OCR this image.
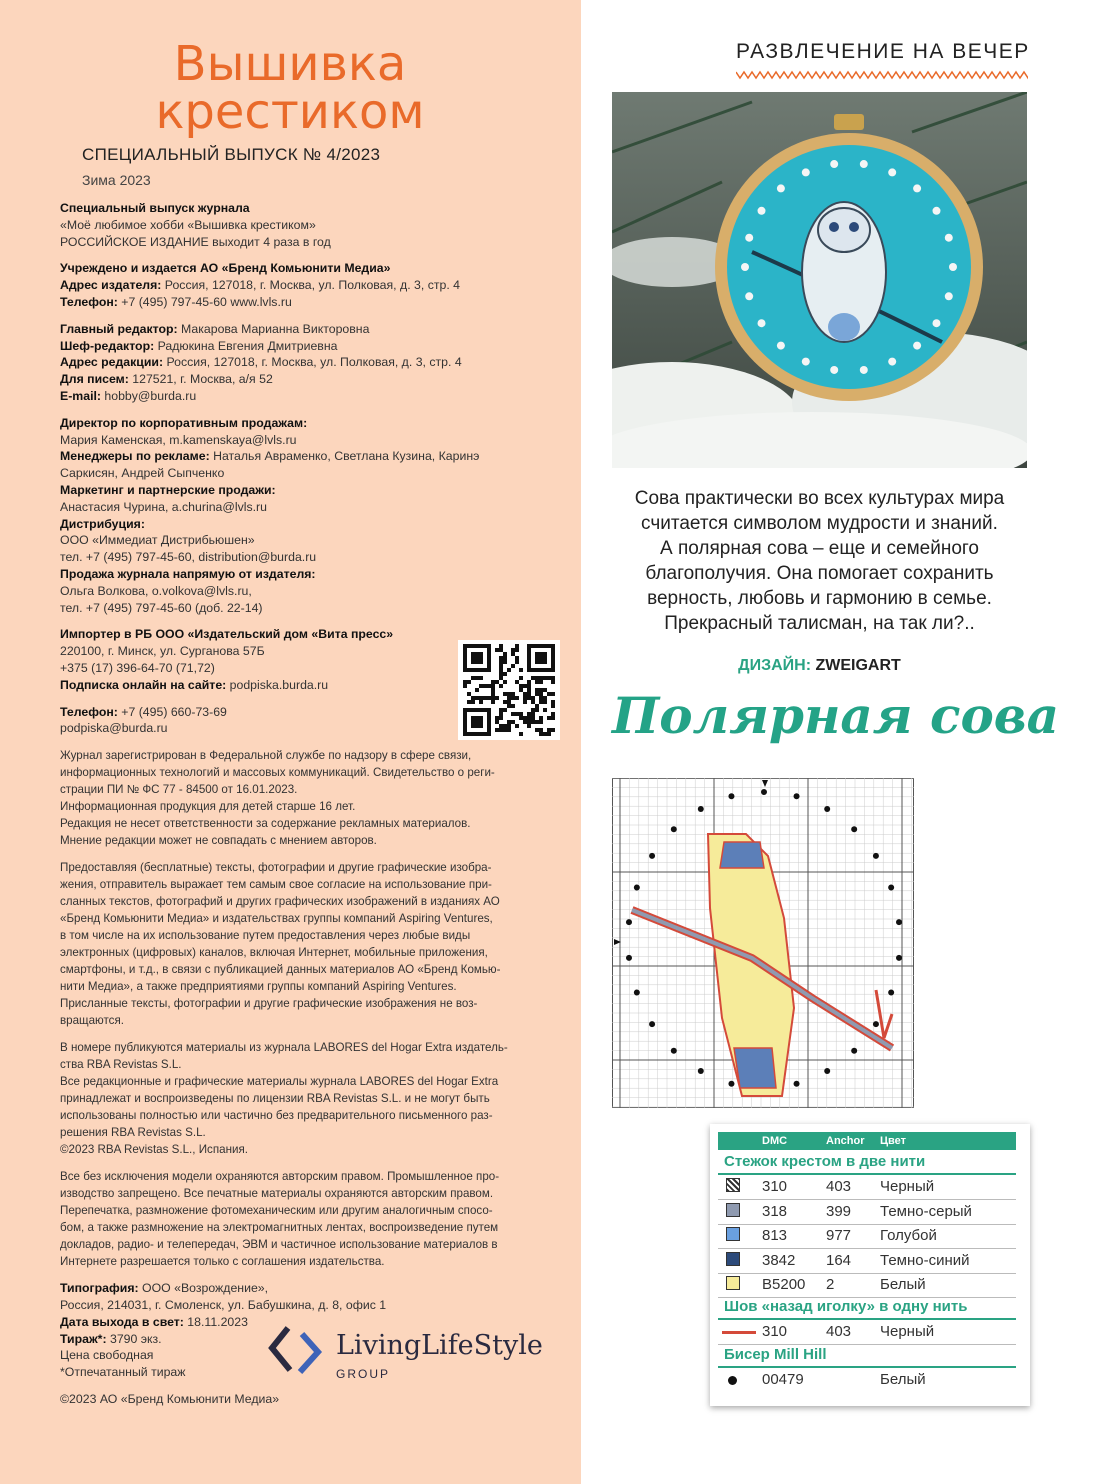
Вышивка
крестиком
СПЕЦИАЛЬНЫЙ ВЫПУСК № 4/2023
Зима 2023

Специальный выпуск журнала
«Моё любимое хобби «Вышивка крестиком»
РОССИЙСКОЕ ИЗДАНИЕ выходит 4 раза в год

Учреждено и издается АО «Бренд Комьюнити Медиа»
Адрес издателя: Россия, 127018, г. Москва, ул. Полковая, д. 3, стр. 4
Телефон: +7 (495) 797-45-60 www.lvls.ru

Главный редактор: Макарова Марианна Викторовна
Шеф-редактор: Радюкина Евгения Дмитриевна
Адрес редакции: Россия, 127018, г. Москва, ул. Полковая, д. 3, стр. 4
Для писем: 127521, г. Москва, а/я 52
E-mail: hobby@burda.ru

Директор по корпоративным продажам:
Мария Каменская, m.kamenskaya@lvls.ru
Менеджеры по рекламе: Наталья Авраменко, Светлана Кузина, Каринэ
Саркисян, Андрей Сыпченко
Маркетинг и партнерские продажи:
Анастасия Чурина, a.churina@lvls.ru
Дистрибуция:
ООО «Иммедиат Дистрибьюшен»
тел. +7 (495) 797-45-60, distribution@burda.ru
Продажа журнала напрямую от издателя:
Ольга Волкова, o.volkova@lvls.ru,
тел. +7 (495) 797-45-60 (доб. 22-14)

Импортер в РБ ООО «Издательский дом «Вита пресс»
220100, г. Минск, ул. Сурганова 57Б
+375 (17) 396-64-70 (71,72)
Подписка онлайн на сайте: podpiska.burda.ru

Телефон: +7 (495) 660-73-69
podpiska@burda.ru

Журнал зарегистрирован в Федеральной службе по надзору в сфере связи,
информационных технологий и массовых коммуникаций. Свидетельство о реги-
страции ПИ № ФС 77 - 84500 от 16.01.2023.
Информационная продукция для детей старше 16 лет.
Редакция не несет ответственности за содержание рекламных материалов.
Мнение редакции может не совпадать с мнением авторов.

Предоставляя (бесплатные) тексты, фотографии и другие графические изобра-
жения, отправитель выражает тем самым свое согласие на использование при-
сланных текстов, фотографий и других графических изображений в изданиях АО
«Бренд Комьюнити Медиа» и издательствах группы компаний Aspiring Ventures,
в том числе на их использование путем предоставления через любые виды
электронных (цифровых) каналов, включая Интернет, мобильные приложения,
смартфоны, и т.д., в связи с публикацией данных материалов АО «Бренд Комью-
нити Медиа», а также предприятиями группы компаний Aspiring Ventures.
Присланные тексты, фотографии и другие графические изображения не воз-
вращаются.

В номере публикуются материалы из журнала LABORES del Hogar Extra издатель-
ства RBA Revistas S.L.
Все редакционные и графические материалы журнала LABORES del Hogar Extra
принадлежат и воспроизведены по лицензии RBA Revistas S.L. и не могут быть
использованы полностью или частично без предварительного письменного раз-
решения RBA Revistas S.L.
©2023 RBA Revistas S.L., Испания.

Все без исключения модели охраняются авторским правом. Промышленное про-
изводство запрещено. Все печатные материалы охраняются авторским правом.
Перепечатка, размножение фотомеханическим или другим аналогичным спосо-
бом, а также размножение на электромагнитных лентах, воспроизведение путем
докладов, радио- и телепередач, ЭВМ и частичное использование материалов в
Интернете разрешается только с соглашения издательства.

Типография: ООО «Возрождение»,
Россия, 214031, г. Смоленск, ул. Бабушкина, д. 8, офис 1
Дата выхода в свет: 18.11.2023
Тираж*: 3790 экз.
Цена свободная
*Отпечатанный тираж

LivingLifeStyle
GROUP
©2023 АО «Бренд Комьюнити Медиа»
РАЗВЛЕЧЕНИЕ НА ВЕЧЕР
Сова практически во всех культурах мира
считается символом мудрости и знаний.
А полярная сова – еще и семейного
благополучия. Она помогает сохранить
верность, любовь и гармонию в семье.
Прекрасный талисман, на так ли?..
ДИЗАЙН: ZWEIGART
Полярная сова
DMC	Anchor Цвет
Стежок крестом в две нити
310	403 Черный
318	399 Темно-серый
813	977 Голубой
3842 164 Темно-синий
B5200 2	Белый
Шов «назад иголку» в одну нить
310	403 Черный
Бисер Mill Hill
00479	Белый
